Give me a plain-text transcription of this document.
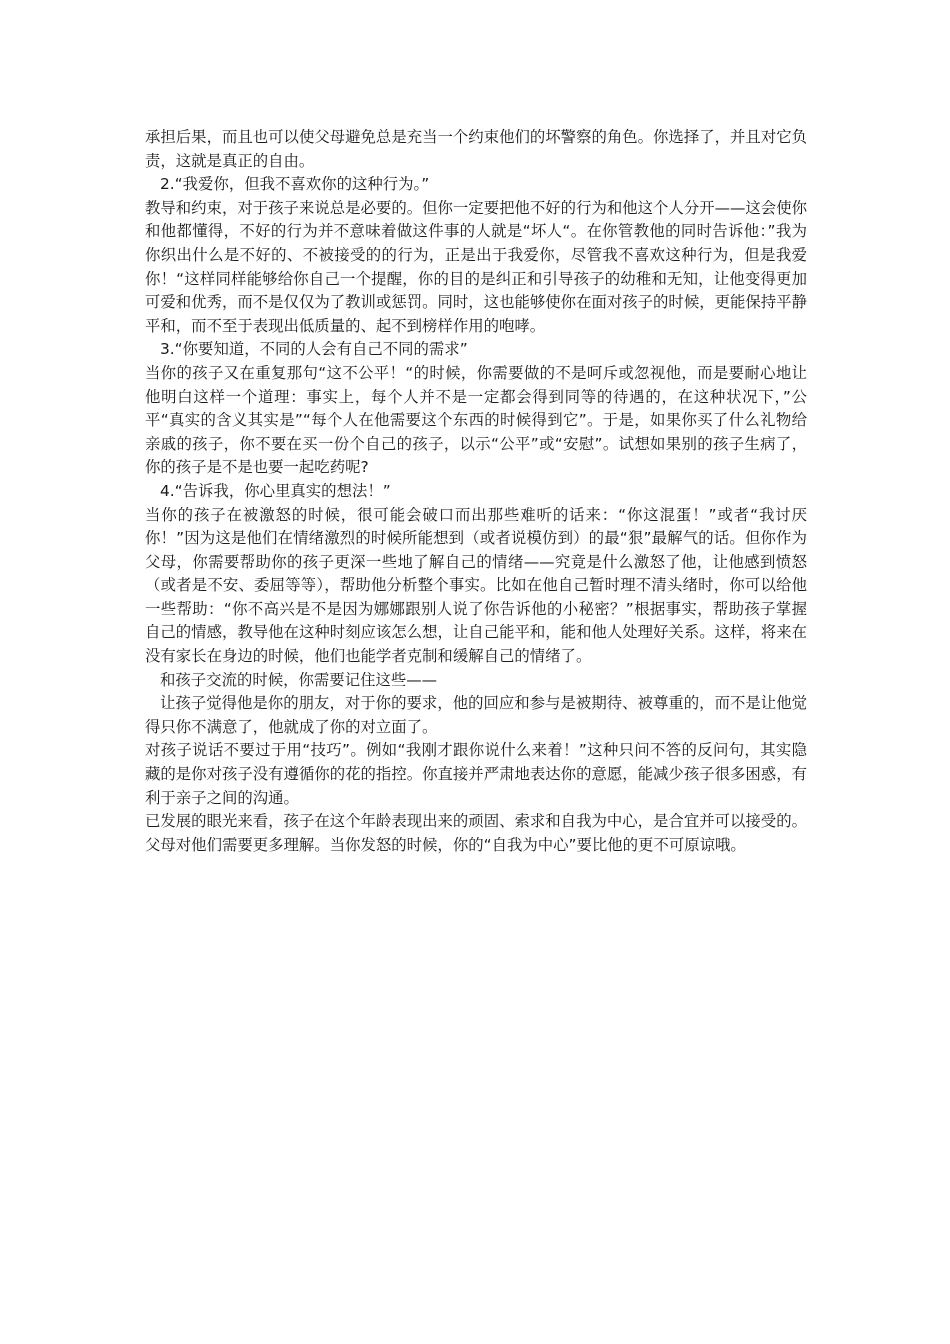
承担后果，而且也可以使父母避免总是充当一个约束他们的坏警察的角色。你选择了，并且对它负责，这就是真正的自由。

2.“我爱你，但我不喜欢你的这种行为。”

教导和约束，对于孩子来说总是必要的。但你一定要把他不好的行为和他这个人分开——这会使你和他都懂得，不好的行为并不意味着做这件事的人就是“坏人“。在你管教他的同时告诉他：”我为你织出什么是不好的、不被接受的的行为，正是出于我爱你，尽管我不喜欢这种行为，但是我爱你！“这样同样能够给你自己一个提醒，你的目的是纠正和引导孩子的幼稚和无知，让他变得更加可爱和优秀，而不是仅仅为了教训或惩罚。同时，这也能够使你在面对孩子的时候，更能保持平静平和，而不至于表现出低质量的、起不到榜样作用的咆哮。

3.“你要知道，不同的人会有自己不同的需求”

当你的孩子又在重复那句“这不公平！“的时候，你需要做的不是呵斥或忽视他，而是要耐心地让他明白这样一个道理：事实上，每个人并不是一定都会得到同等的待遇的，在这种状况下，”公平“真实的含义其实是”“每个人在他需要这个东西的时候得到它”。于是，如果你买了什么礼物给亲戚的孩子，你不要在买一份个自己的孩子，以示“公平”或“安慰”。试想如果别的孩子生病了，你的孩子是不是也要一起吃药呢?

4.“告诉我，你心里真实的想法！”

当你的孩子在被激怒的时候，很可能会破口而出那些难听的话来：“你这混蛋！”或者“我讨厌你！”因为这是他们在情绪激烈的时候所能想到（或者说模仿到）的最“狠”最解气的话。但你作为父母，你需要帮助你的孩子更深一些地了解自己的情绪——究竟是什么激怒了他，让他感到愤怒（或者是不安、委屈等等），帮助他分析整个事实。比如在他自己暂时理不清头绪时，你可以给他一些帮助：“你不高兴是不是因为娜娜跟别人说了你告诉他的小秘密？”根据事实，帮助孩子掌握自己的情感，教导他在这种时刻应该怎么想，让自己能平和，能和他人处理好关系。这样，将来在没有家长在身边的时候，他们也能学者克制和缓解自己的情绪了。

和孩子交流的时候，你需要记住这些——

让孩子觉得他是你的朋友，对于你的要求，他的回应和参与是被期待、被尊重的，而不是让他觉得只你不满意了，他就成了你的对立面了。

对孩子说话不要过于用“技巧”。例如“我刚才跟你说什么来着！”这种只问不答的反问句，其实隐藏的是你对孩子没有遵循你的花的指控。你直接并严肃地表达你的意愿，能减少孩子很多困惑，有利于亲子之间的沟通。

已发展的眼光来看，孩子在这个年龄表现出来的顽固、索求和自我为中心，是合宜并可以接受的。父母对他们需要更多理解。当你发怒的时候，你的“自我为中心”要比他的更不可原谅哦。
